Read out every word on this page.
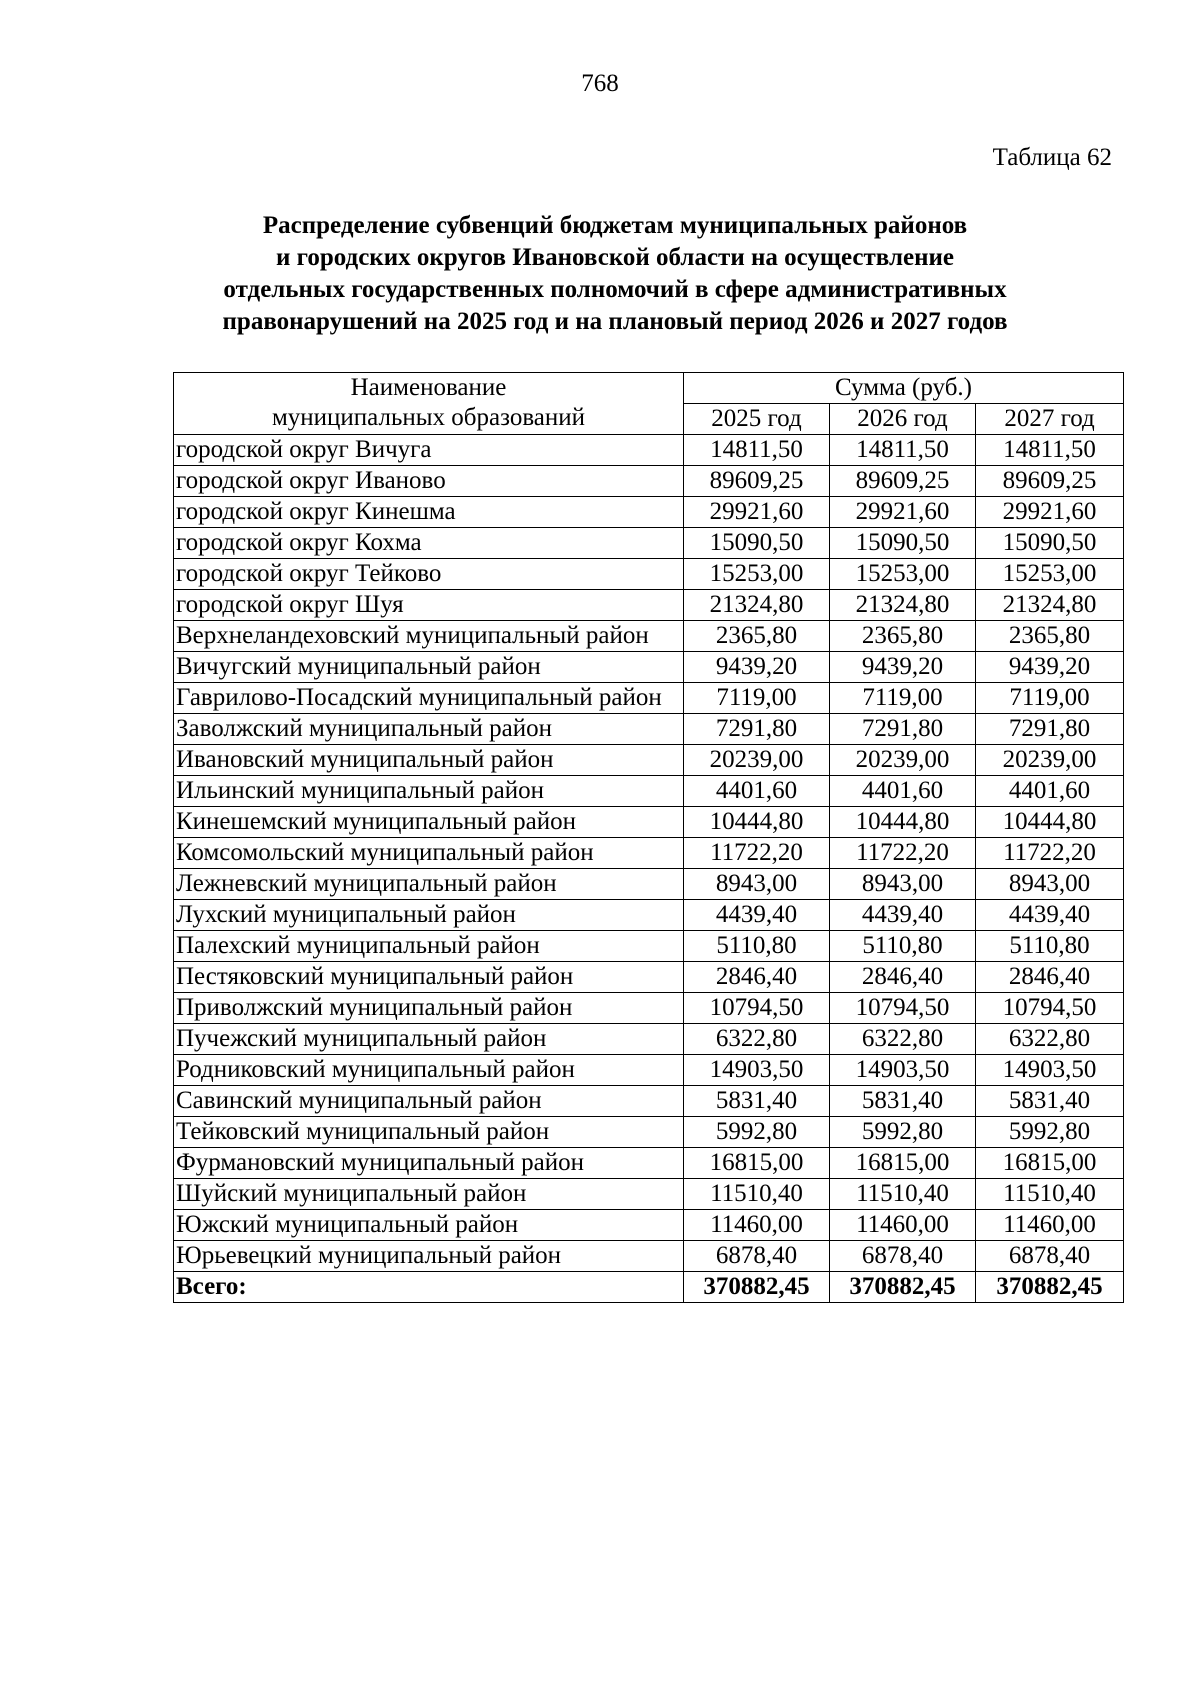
768
Таблица 62
Распределение субвенций бюджетам муниципальных районов
и городских округов Ивановской области на осуществление
отдельных государственных полномочий в сфере административных
правонарушений на 2025 год и на плановый период 2026 и 2027 годов
Наименование
муниципальных образований	Сумма (руб.)		
	2025 год	2026 год	2027 год
городской округ Вичуга	14811,50	14811,50	14811,50
городской округ Иваново	89609,25	89609,25	89609,25
городской округ Кинешма	29921,60	29921,60	29921,60
городской округ Кохма	15090,50	15090,50	15090,50
городской округ Тейково	15253,00	15253,00	15253,00
городской округ Шуя	21324,80	21324,80	21324,80
Верхнеландеховский муниципальный район	2365,80	2365,80	2365,80
Вичугский муниципальный район	9439,20	9439,20	9439,20
Гаврилово-Посадский муниципальный район	7119,00	7119,00	7119,00
Заволжский муниципальный район	7291,80	7291,80	7291,80
Ивановский муниципальный район	20239,00	20239,00	20239,00
Ильинский муниципальный район	4401,60	4401,60	4401,60
Кинешемский муниципальный район	10444,80	10444,80	10444,80
Комсомольский муниципальный район	11722,20	11722,20	11722,20
Лежневский муниципальный район	8943,00	8943,00	8943,00
Лухский муниципальный район	4439,40	4439,40	4439,40
Палехский муниципальный район	5110,80	5110,80	5110,80
Пестяковский муниципальный район	2846,40	2846,40	2846,40
Приволжский муниципальный район	10794,50	10794,50	10794,50
Пучежский муниципальный район	6322,80	6322,80	6322,80
Родниковский муниципальный район	14903,50	14903,50	14903,50
Савинский муниципальный район	5831,40	5831,40	5831,40
Тейковский муниципальный район	5992,80	5992,80	5992,80
Фурмановский муниципальный район	16815,00	16815,00	16815,00
Шуйский муниципальный район	11510,40	11510,40	11510,40
Южский муниципальный район	11460,00	11460,00	11460,00
Юрьевецкий муниципальный район	6878,40	6878,40	6878,40
Всего:	370882,45	370882,45	370882,45
